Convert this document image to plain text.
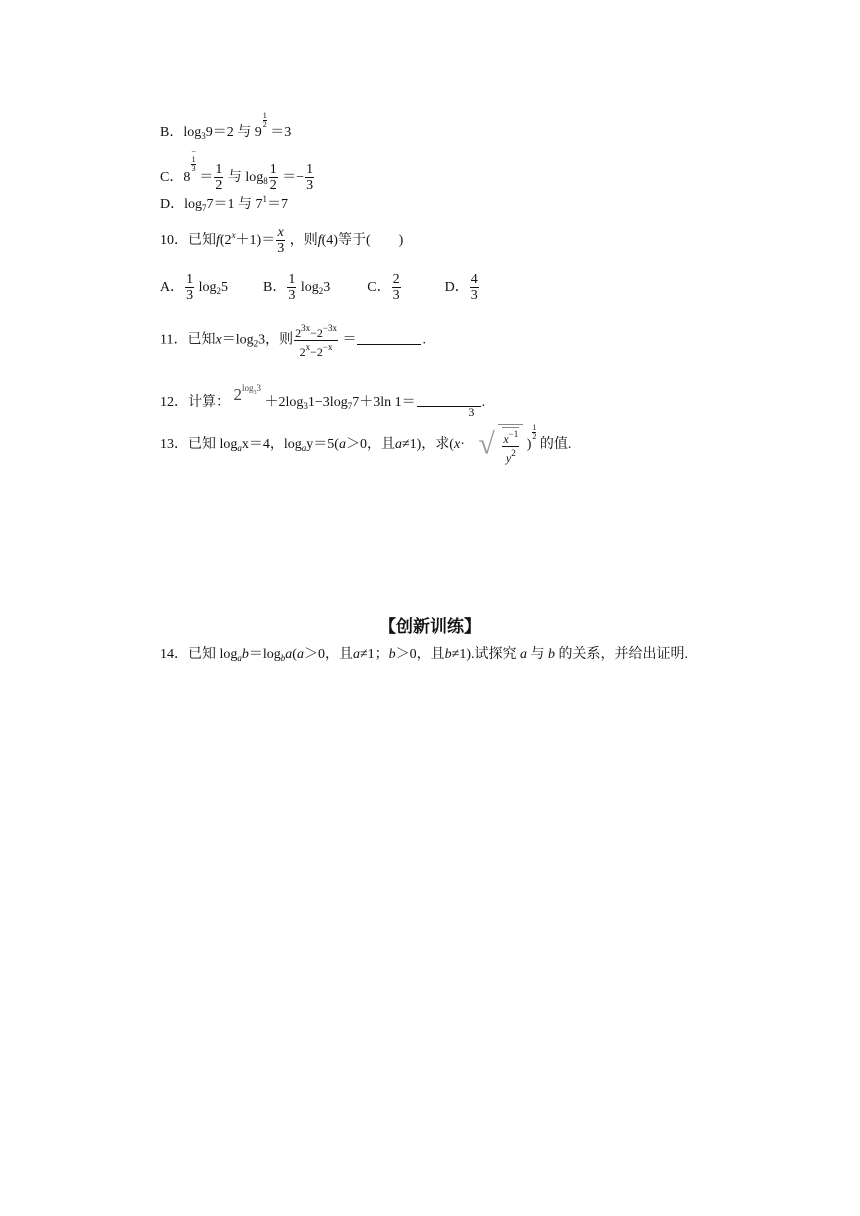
B．$\log_39=2$ 与 9
$\frac{1}{2}$
＝3
C．8
−
1
3
＝ $\frac{1}{2}$ 与 $\log_8 \frac{1}{2} =- \frac{1}{3}$
D．$\log_77=1$ 与 $7^1=7$
10．已知$f(2^x+1)= \frac{x}{3}$ ，则f(4)等于(　　)
A． $\frac{1}{3} \log_25$	B． $\frac{1}{3} \log_23$	C． $\frac{2}{3}$	D． $\frac{4}{3}$
11．已知$x=\log_23$，则 $\frac{2^{3x}-2^{-3x}}{2^x-2^{-x}}$ ＝	.
12．计算： $2^{log_33} +2\log_31-3\log_77+3\ln$ 1＝	.
13．已知 $\log_ax=4$，$\log_ay=5(a>0$，且a≠1)，求(x·
3
√ $\frac{x^{-1}}{y^2}$ )
$\frac{1}{2}$
的值.
【创新训练】
14．已知 $\log_ab=\log_ba(a>0$，且a≠1；b＞0，且b≠1).试探究 a 与 b 的关系，并给出证明.
